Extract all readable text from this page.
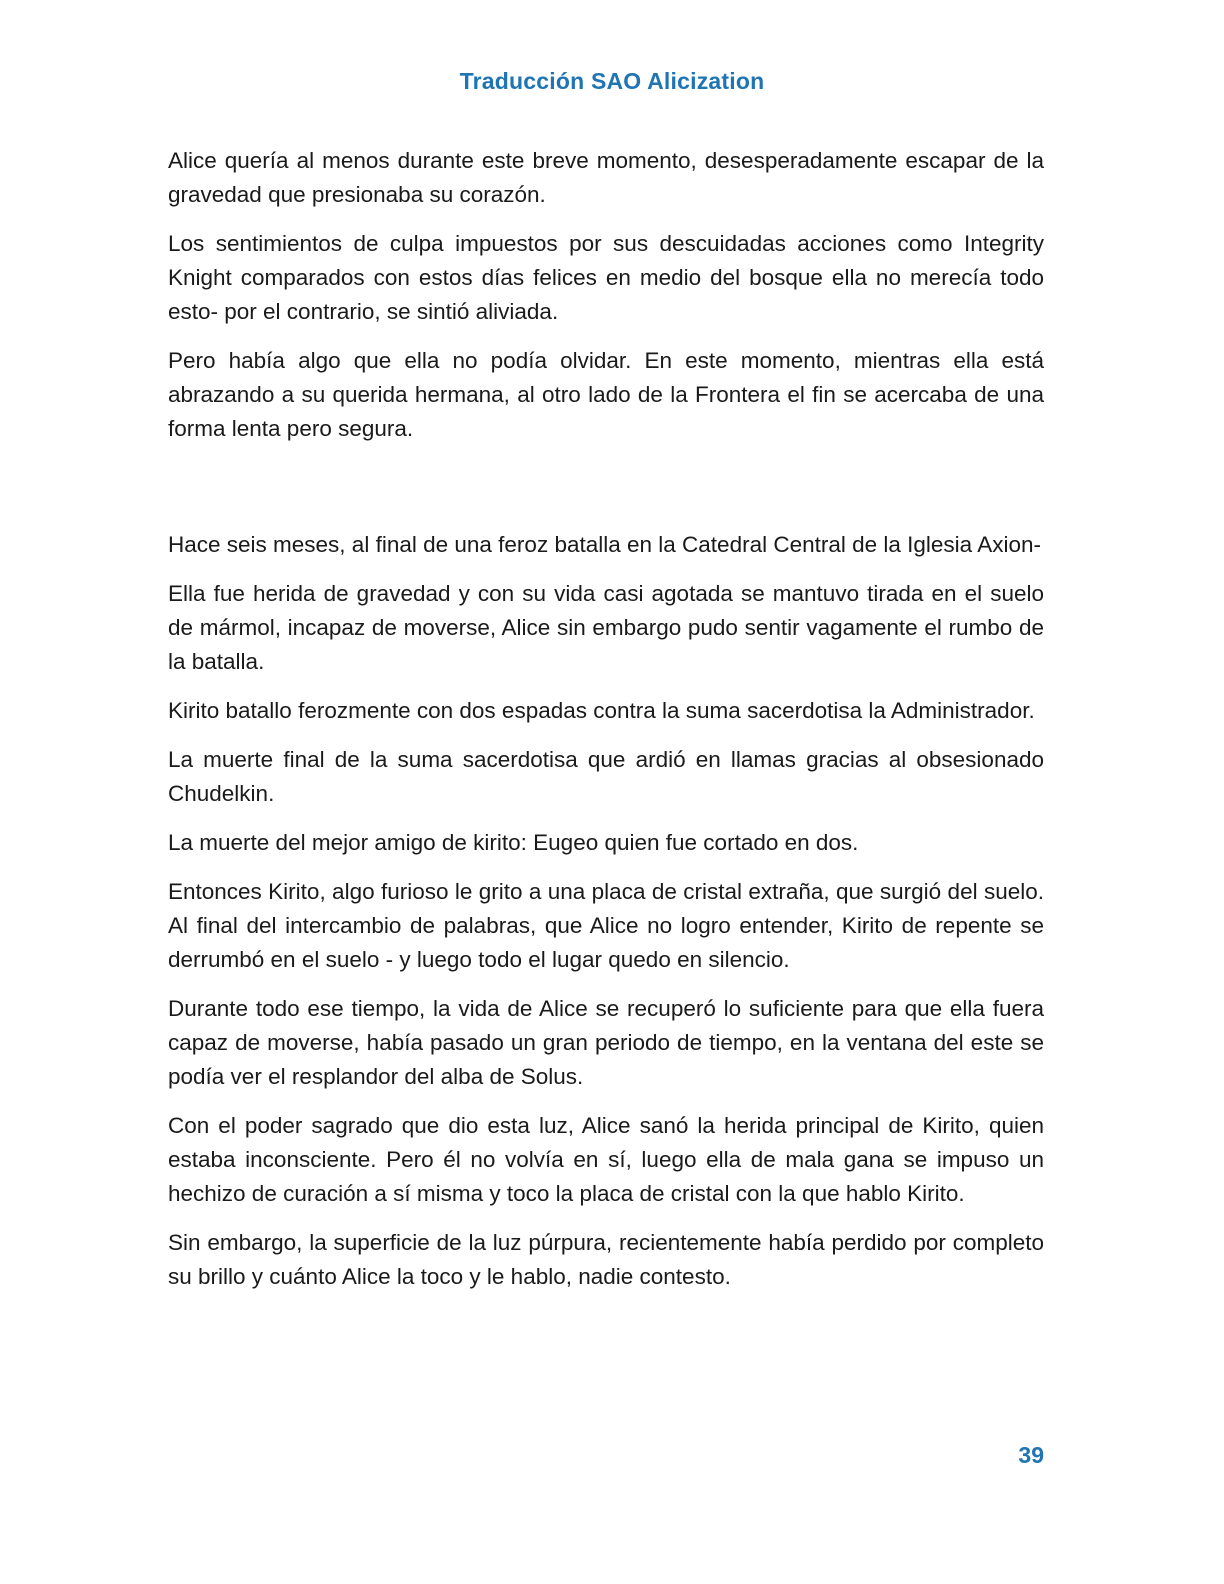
Traducción SAO Alicization

Alice quería al menos durante este breve momento, desesperadamente escapar de la gravedad que presionaba su corazón.

Los sentimientos de culpa impuestos por sus descuidadas acciones como Integrity Knight comparados con estos días felices en medio del bosque ella no merecía todo esto- por el contrario, se sintió aliviada.

Pero había algo que ella no podía olvidar. En este momento, mientras ella está abrazando a su querida hermana, al otro lado de la Frontera el fin se acercaba de una forma lenta pero segura.

Hace seis meses, al final de una feroz batalla en la Catedral Central de la Iglesia Axion-

Ella fue herida de gravedad y con su vida casi agotada se mantuvo tirada en el suelo de mármol, incapaz de moverse, Alice sin embargo pudo sentir vagamente el rumbo de la batalla.

Kirito batallo ferozmente con dos espadas contra la suma sacerdotisa la Administrador.

La muerte final de la suma sacerdotisa que ardió en llamas gracias al obsesionado Chudelkin.

La muerte del mejor amigo de kirito: Eugeo quien fue cortado en dos.

Entonces Kirito, algo furioso le grito a una placa de cristal extraña, que surgió del suelo. Al final del intercambio de palabras, que Alice no logro entender, Kirito de repente se derrumbó en el suelo - y luego todo el lugar quedo en silencio.

Durante todo ese tiempo, la vida de Alice se recuperó lo suficiente para que ella fuera capaz de moverse, había pasado un gran periodo de tiempo, en la ventana del este se podía ver el resplandor del alba de Solus.

Con el poder sagrado que dio esta luz, Alice sanó la herida principal de Kirito, quien estaba inconsciente. Pero él no volvía en sí, luego ella de mala gana se impuso un hechizo de curación a sí misma y toco la placa de cristal con la que hablo Kirito.

Sin embargo, la superficie de la luz púrpura, recientemente había perdido por completo su brillo y cuánto Alice la toco y le hablo, nadie contesto.

39
